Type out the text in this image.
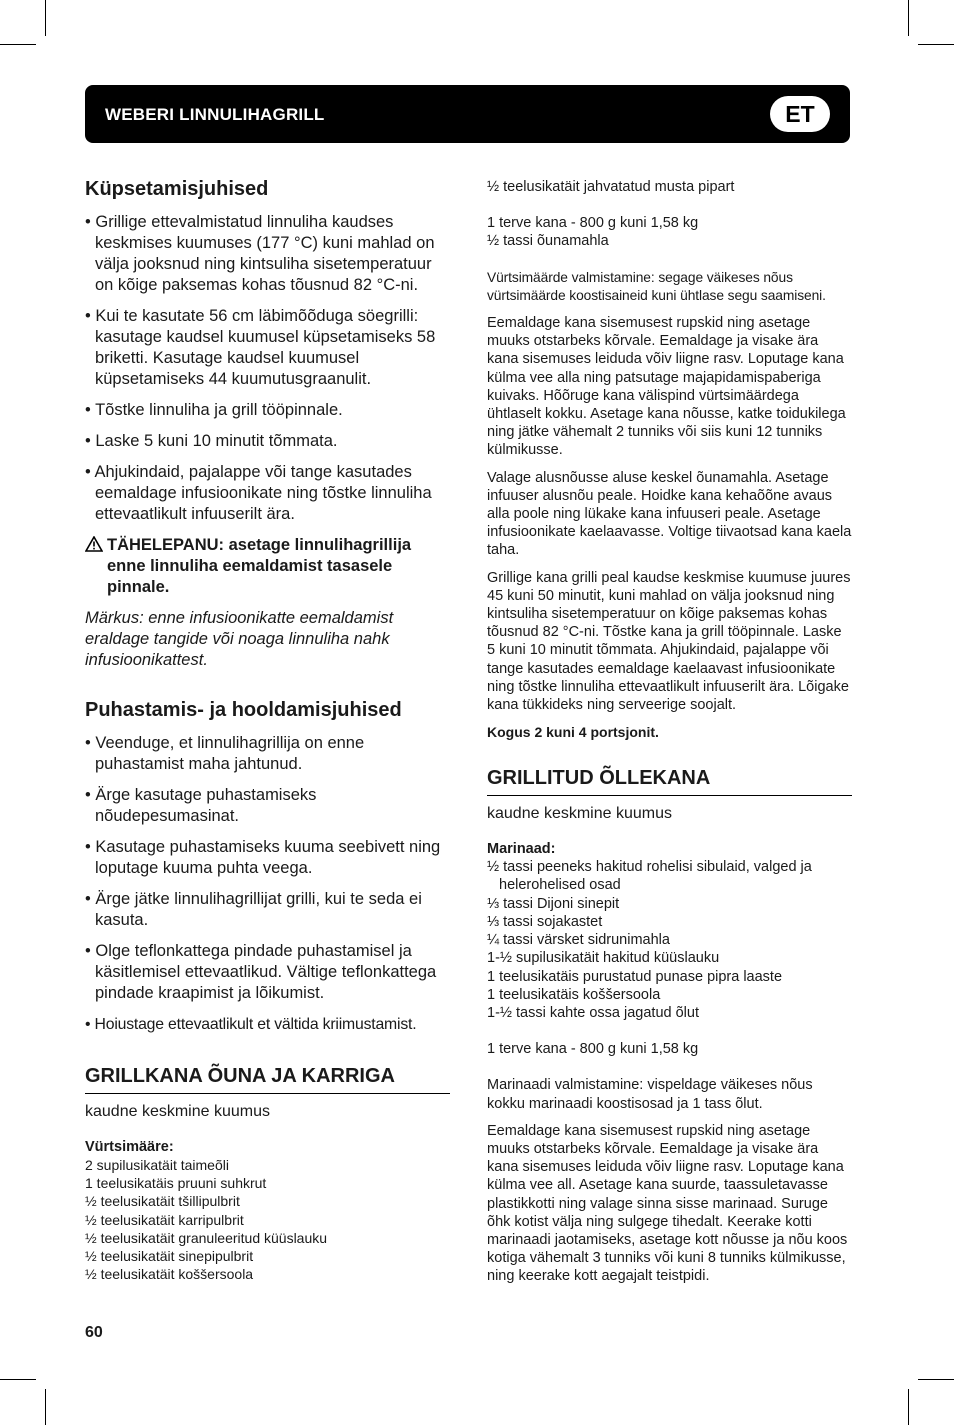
WEBERI LINNULIHAGRILL	ET
Küpsetamisjuhised
• Grillige ettevalmistatud linnuliha kaudses keskmises kuumuses (177 °C) kuni mahlad on välja jooksnud ning kintsuliha sisetemperatuur on kõige paksemas kohas tõusnud 82 °C-ni.
• Kui te kasutate 56 cm läbimõõduga söegrilli: kasutage kaudsel kuumusel küpsetamiseks 58 briketti. Kasutage kaudsel kuumusel küpsetamiseks 44 kuumutusgraanulit.
• Tõstke linnuliha ja grill tööpinnale.
• Laske 5 kuni 10 minutit tõmmata.
• Ahjukindaid, pajalappe või tange kasutades eemaldage infusioonikate ning tõstke linnuliha ettevaatlikult infuuserilt ära.
TÄHELEPANU: asetage linnulihagrillija enne linnuliha eemaldamist tasasele pinnale.

Märkus: enne infusioonikatte eemaldamist eraldage tangide või noaga linnuliha nahk infusioonikattest.

Puhastamis- ja hooldamisjuhised
• Veenduge, et linnulihagrillija on enne puhastamist maha jahtunud.
• Ärge kasutage puhastamiseks nõudepesumasinat.
• Kasutage puhastamiseks kuuma seebivett ning loputage kuuma puhta veega.
• Ärge jätke linnulihagrillijat grilli, kui te seda ei kasuta.
• Olge teflonkattega pindade puhastamisel ja käsitlemisel ettevaatlikud. Vältige teflonkattega pindade kraapimist ja lõikumist.
• Hoiustage ettevaatlikult et vältida kriimustamist.
GRILLKANA ÕUNA JA KARRIGA
kaudne keskmine kuumus
Vürtsimääre:
2 supilusikatäit taimeõli
1 teelusikatäis pruuni suhkrut
½ teelusikatäit tšillipulbrit
½ teelusikatäit karripulbrit
½ teelusikatäit granuleeritud küüslauku
½ teelusikatäit sinepipulbrit
½ teelusikatäit koššersoola
½ teelusikatäit jahvatatud musta pipart
1 terve kana - 800 g kuni 1,58 kg
½ tassi õunamahla

Vürtsimäärde valmistamine: segage väikeses nõus vürtsimäärde koostisaineid kuni ühtlase segu saamiseni.

Eemaldage kana sisemusest rupskid ning asetage muuks otstarbeks kõrvale. Eemaldage ja visake ära kana sisemuses leiduda võiv liigne rasv. Loputage kana külma vee alla ning patsutage majapidamispaberiga kuivaks. Hõõruge kana välispind vürtsimäärdega ühtlaselt kokku. Asetage kana nõusse, katke toidukilega ning jätke vähemalt 2 tunniks või siis kuni 12 tunniks külmikusse.

Valage alusnõusse aluse keskel õunamahla. Asetage infuuser alusnõu peale. Hoidke kana kehaõõne avaus alla poole ning lükake kana infuuseri peale. Asetage infusioonikate kaelaavasse. Voltige tiivaotsad kana kaela taha.

Grillige kana grilli peal kaudse keskmise kuumuse juures 45 kuni 50 minutit, kuni mahlad on välja jooksnud ning kintsuliha sisetemperatuur on kõige paksemas kohas tõusnud 82 °C-ni. Tõstke kana ja grill tööpinnale. Laske 5 kuni 10 minutit tõmmata. Ahjukindaid, pajalappe või tange kasutades eemaldage kaelaavast infusioonikate ning tõstke linnuliha ettevaatlikult infuuserilt ära. Lõigake kana tükkideks ning serveerige soojalt.

Kogus 2 kuni 4 portsjonit.

GRILLITUD ÕLLEKANA
kaudne keskmine kuumus
Marinaad:
½ tassi peeneks hakitud rohelisi sibulaid, valged ja helerohelised osad
⅓ tassi Dijoni sinepit
⅓ tassi sojakastet
¼ tassi värsket sidrunimahla
1-½ supilusikatäit hakitud küüslauku
1 teelusikatäis purustatud punase pipra laaste
1 teelusikatäis koššersoola
1-½ tassi kahte ossa jagatud õlut
1 terve kana - 800 g kuni 1,58 kg

Marinaadi valmistamine: vispeldage väikeses nõus kokku marinaadi koostisosad ja 1 tass õlut.

Eemaldage kana sisemusest rupskid ning asetage muuks otstarbeks kõrvale. Eemaldage ja visake ära kana sisemuses leiduda võiv liigne rasv. Loputage kana külma vee all. Asetage kana suurde, taassuletavasse plastikkotti ning valage sinna sisse marinaad. Suruge õhk kotist välja ning sulgege tihedalt. Keerake kotti marinaadi jaotamiseks, asetage kott nõusse ja nõu koos kotiga vähemalt 3 tunniks või kuni 8 tunniks külmikusse, ning keerake kott aegajalt teistpidi.

60
